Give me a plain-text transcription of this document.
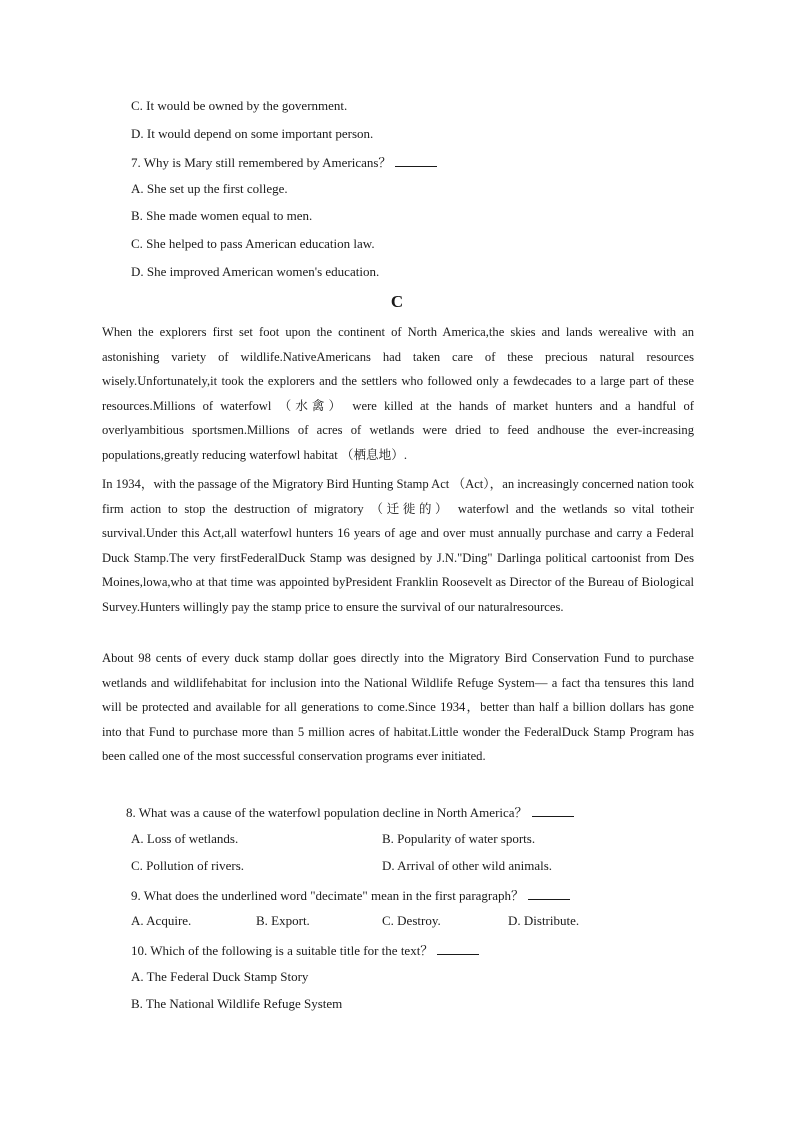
C. It would be owned by the government.
D. It would depend on some important person.
7. Why is Mary still remembered by Americans？
A. She set up the first college.
B. She made women equal to men.
C. She helped to pass American education law.
D. She improved American women's education.
C
When the explorers first set foot upon the continent of North America,the skies and lands werealive with an astonishing variety of wildlife.NativeAmericans had taken care of these precious natural resources wisely.Unfortunately,it took the explorers and the settlers who followed only a fewdecades to a large part of these resources.Millions of waterfowl （水禽） were killed at the hands of market hunters and a handful of overlyambitious sportsmen.Millions of acres of wetlands were dried to feed andhouse the ever-increasing populations,greatly reducing waterfowl habitat （栖息地）.
In 1934，with the passage of the Migratory Bird Hunting Stamp Act （Act），an increasingly concerned nation took firm action to stop the destruction of migratory （迁徙的） waterfowl and the wetlands so vital totheir survival.Under this Act,all waterfowl hunters 16 years of age and over must annually purchase and carry a Federal Duck Stamp.The very firstFederalDuck Stamp was designed by J.N."Ding" Darlinga political cartoonist from Des Moines,lowa,who at that time was appointed byPresident Franklin Roosevelt as Director of the Bureau of Biological Survey.Hunters willingly pay the stamp price to ensure the survival of our naturalresources.
About 98 cents of every duck stamp dollar goes directly into the Migratory Bird Conservation Fund to purchase wetlands and wildlifehabitat for inclusion into the National Wildlife Refuge System— a fact tha tensures this land will be protected and available for all generations to come.Since 1934，better than half a billion dollars has gone into that Fund to purchase more than 5 million acres of habitat.Little wonder the FederalDuck Stamp Program has been called one of the most successful conservation programs ever initiated.
8. What was a cause of the waterfowl population decline in North America？
A. Loss of wetlands.	B. Popularity of water sports.
C. Pollution of rivers.	D. Arrival of other wild animals.
9. What does the underlined word "decimate" mean in the first paragraph？
A. Acquire.	B. Export.	C. Destroy.	D. Distribute.
10. Which of the following is a suitable title for the text？
A. The Federal Duck Stamp Story
B. The National Wildlife Refuge System
